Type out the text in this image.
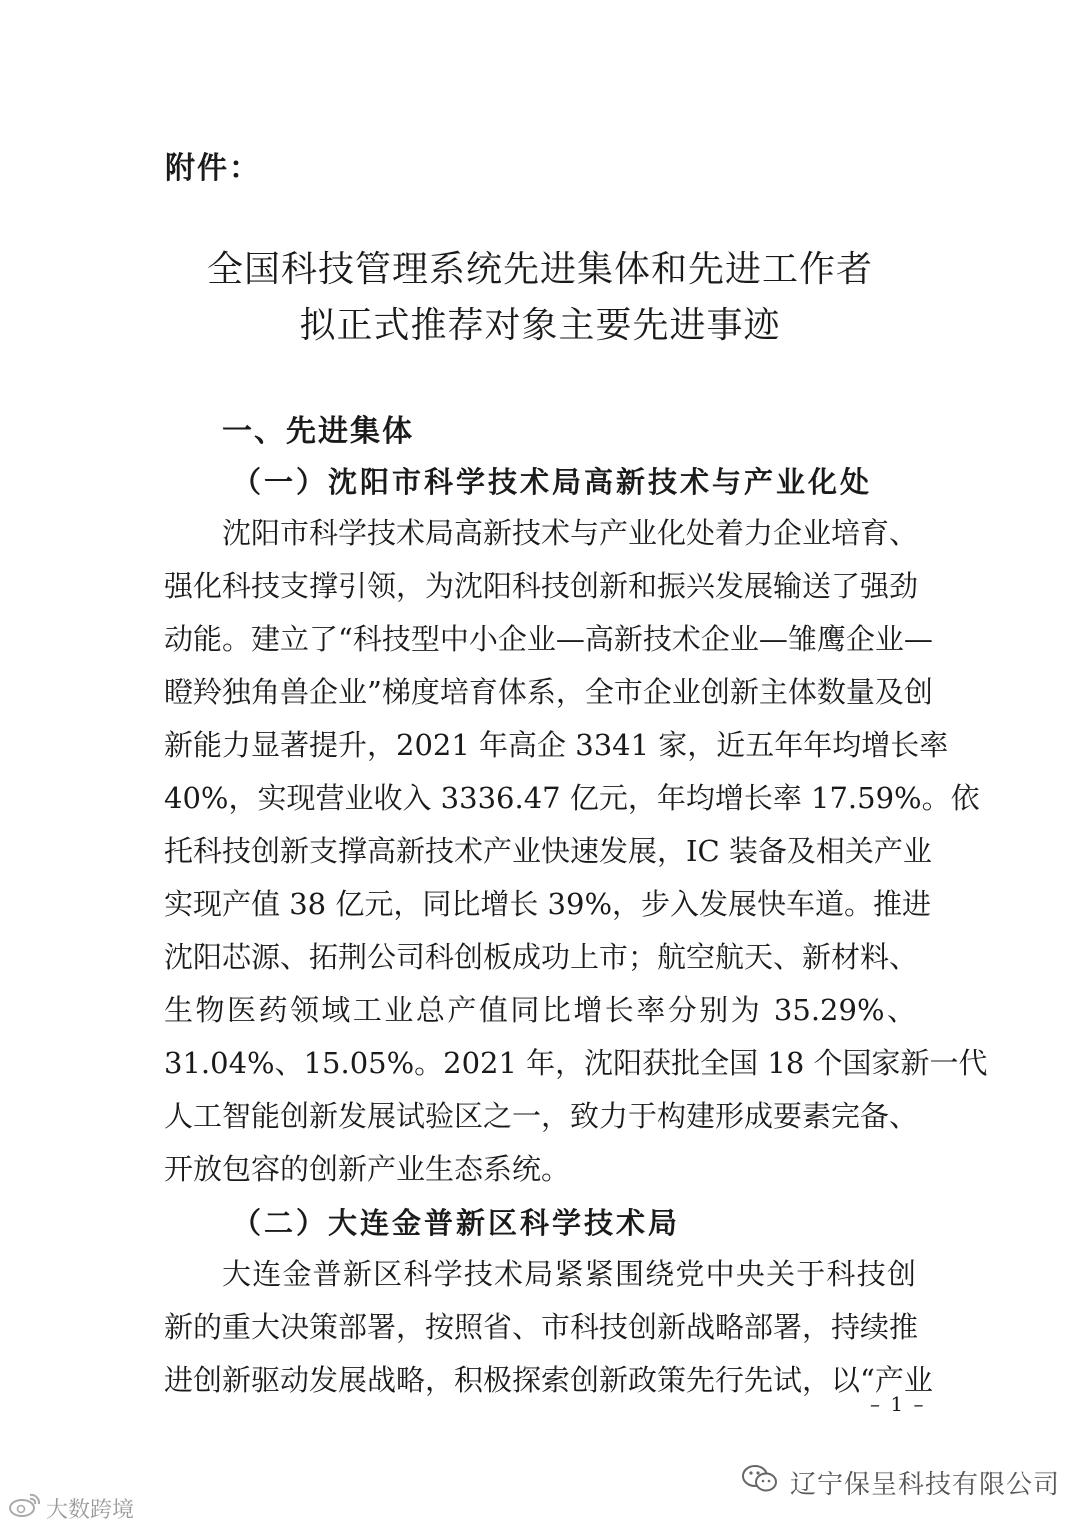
附件：
全国科技管理系统先进集体和先进工作者
拟正式推荐对象主要先进事迹
一、先进集体
（一）沈阳市科学技术局高新技术与产业化处
沈阳市科学技术局高新技术与产业化处着力企业培育、
强化科技支撑引领，为沈阳科技创新和振兴发展输送了强劲
动能。建立了“科技型中小企业—高新技术企业—雏鹰企业—
瞪羚独角兽企业”梯度培育体系，全市企业创新主体数量及创
新能力显著提升，2021 年高企 3341 家，近五年年均增长率
40%，实现营业收入 3336.47 亿元，年均增长率 17.59%。依
托科技创新支撑高新技术产业快速发展，IC 装备及相关产业
实现产值 38 亿元，同比增长 39%，步入发展快车道。推进
沈阳芯源、拓荆公司科创板成功上市；航空航天、新材料、
生物医药领域工业总产值同比增长率分别为 35.29%、
31.04%、15.05%。2021 年，沈阳获批全国 18 个国家新一代
人工智能创新发展试验区之一，致力于构建形成要素完备、
开放包容的创新产业生态系统。
（二）大连金普新区科学技术局
大连金普新区科学技术局紧紧围绕党中央关于科技创
新的重大决策部署，按照省、市科技创新战略部署，持续推
进创新驱动发展战略，积极探索创新政策先行先试，以“产业
– 1 –
辽宁保呈科技有限公司
大数跨境
